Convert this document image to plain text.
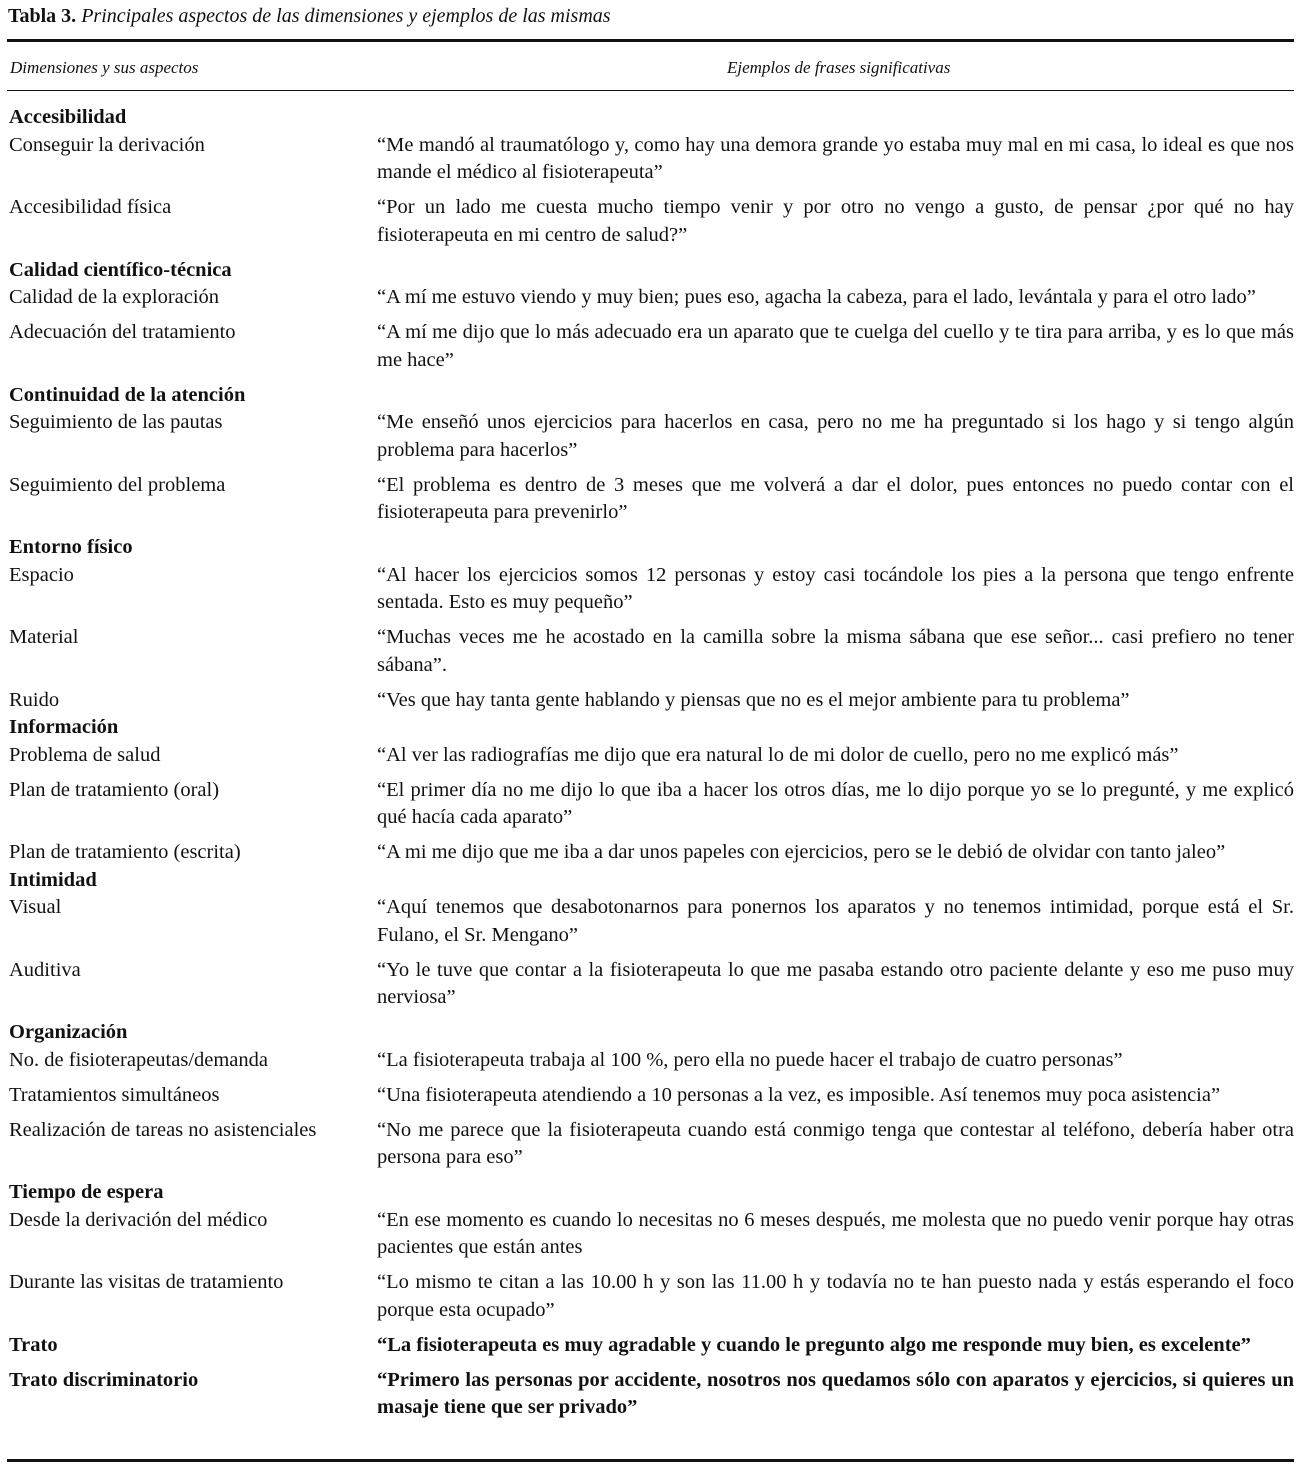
Tabla 3. Principales aspectos de las dimensiones y ejemplos de las mismas
Dimensiones y sus aspectos	Ejemplos de frases significativas
Accesibilidad
Conseguir la derivación	“Me mandó al traumatólogo y, como hay una demora grande yo estaba muy mal en mi casa, lo ideal es que nos mande el médico al fisioterapeuta”
Accesibilidad física	“Por un lado me cuesta mucho tiempo venir y por otro no vengo a gusto, de pensar ¿por qué no hay fisioterapeuta en mi centro de salud?”
Calidad científico-técnica
Calidad de la exploración	“A mí me estuvo viendo y muy bien; pues eso, agacha la cabeza, para el lado, levántala y para el otro lado”
Adecuación del tratamiento	“A mí me dijo que lo más adecuado era un aparato que te cuelga del cuello y te tira para arriba, y es lo que más me hace”
Continuidad de la atención
Seguimiento de las pautas	“Me enseñó unos ejercicios para hacerlos en casa, pero no me ha preguntado si los hago y si tengo algún problema para hacerlos”
Seguimiento del problema	“El problema es dentro de 3 meses que me volverá a dar el dolor, pues entonces no puedo contar con el fisioterapeuta para prevenirlo”
Entorno físico
Espacio	“Al hacer los ejercicios somos 12 personas y estoy casi tocándole los pies a la persona que tengo enfrente sentada. Esto es muy pequeño”
Material	“Muchas veces me he acostado en la camilla sobre la misma sábana que ese señor... casi prefiero no tener sábana”.
Ruido	“Ves que hay tanta gente hablando y piensas que no es el mejor ambiente para tu problema”
Información
Problema de salud	“Al ver las radiografías me dijo que era natural lo de mi dolor de cuello, pero no me explicó más”
Plan de tratamiento (oral)	“El primer día no me dijo lo que iba a hacer los otros días, me lo dijo porque yo se lo pregunté, y me explicó qué hacía cada aparato”
Plan de tratamiento (escrita)	“A mi me dijo que me iba a dar unos papeles con ejercicios, pero se le debió de olvidar con tanto jaleo”
Intimidad
Visual	“Aquí tenemos que desabotonarnos para ponernos los aparatos y no tenemos intimidad, porque está el Sr. Fulano, el Sr. Mengano”
Auditiva	“Yo le tuve que contar a la fisioterapeuta lo que me pasaba estando otro paciente delante y eso me puso muy nerviosa”
Organización
No. de fisioterapeutas/demanda	“La fisioterapeuta trabaja al 100 %, pero ella no puede hacer el trabajo de cuatro personas”
Tratamientos simultáneos	“Una fisioterapeuta atendiendo a 10 personas a la vez, es imposible. Así tenemos muy poca asistencia”
Realización de tareas no asistenciales	“No me parece que la fisioterapeuta cuando está conmigo tenga que contestar al teléfono, debería haber otra persona para eso”
Tiempo de espera
Desde la derivación del médico	“En ese momento es cuando lo necesitas no 6 meses después, me molesta que no puedo venir porque hay otras pacientes que están antes
Durante las visitas de tratamiento	“Lo mismo te citan a las 10.00 h y son las 11.00 h y todavía no te han puesto nada y estás esperando el foco porque esta ocupado”
Trato	“La fisioterapeuta es muy agradable y cuando le pregunto algo me responde muy bien, es excelente”
Trato discriminatorio	“Primero las personas por accidente, nosotros nos quedamos sólo con aparatos y ejercicios, si quieres un masaje tiene que ser privado”
